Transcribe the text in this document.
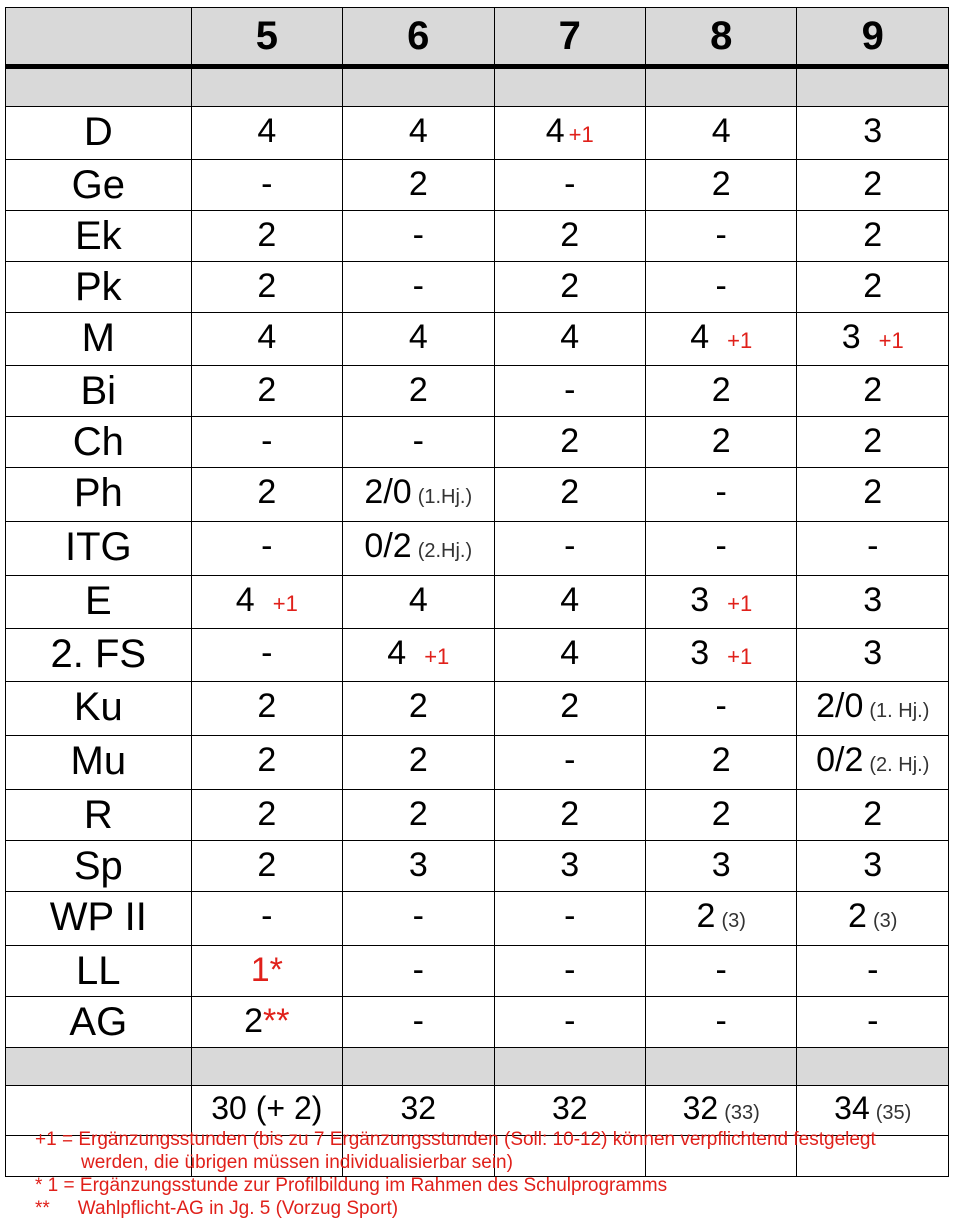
	5	6	7	8	9

D	4	4	4 +1	4	3
Ge	-	2	-	2	2
Ek	2	-	2	-	2
Pk	2	-	2	-	2
M	4	4	4	4 +1	3 +1
Bi	2	2	-	2	2
Ch	-	-	2	2	2
Ph	2	2/0 (1.Hj.)	2	-	2
ITG	-	0/2 (2.Hj.)	-	-	-
E	4 +1	4	4	3 +1	3
2. FS	-	4 +1	4	3 +1	3
Ku	2	2	2	-	2/0 (1. Hj.)
Mu	2	2	-	2	0/2 (2. Hj.)
R	2	2	2	2	2
Sp	2	3	3	3	3
WP II	-	-	-	2 (3)	2 (3)
LL	1*	-	-	-	-
AG	2**	-	-	-	-

	30 (+ 2)	32	32	32 (33)	34 (35)

+1 = Ergänzungsstunden (bis zu 7 Ergänzungsstunden (Soll: 10-12) können verpflichtend festgelegt
werden, die übrigen müssen individualisierbar sein)
* 1 = Ergänzungsstunde zur Profilbildung im Rahmen des Schulprogramms
** Wahlpflicht-AG in Jg. 5 (Vorzug Sport)
